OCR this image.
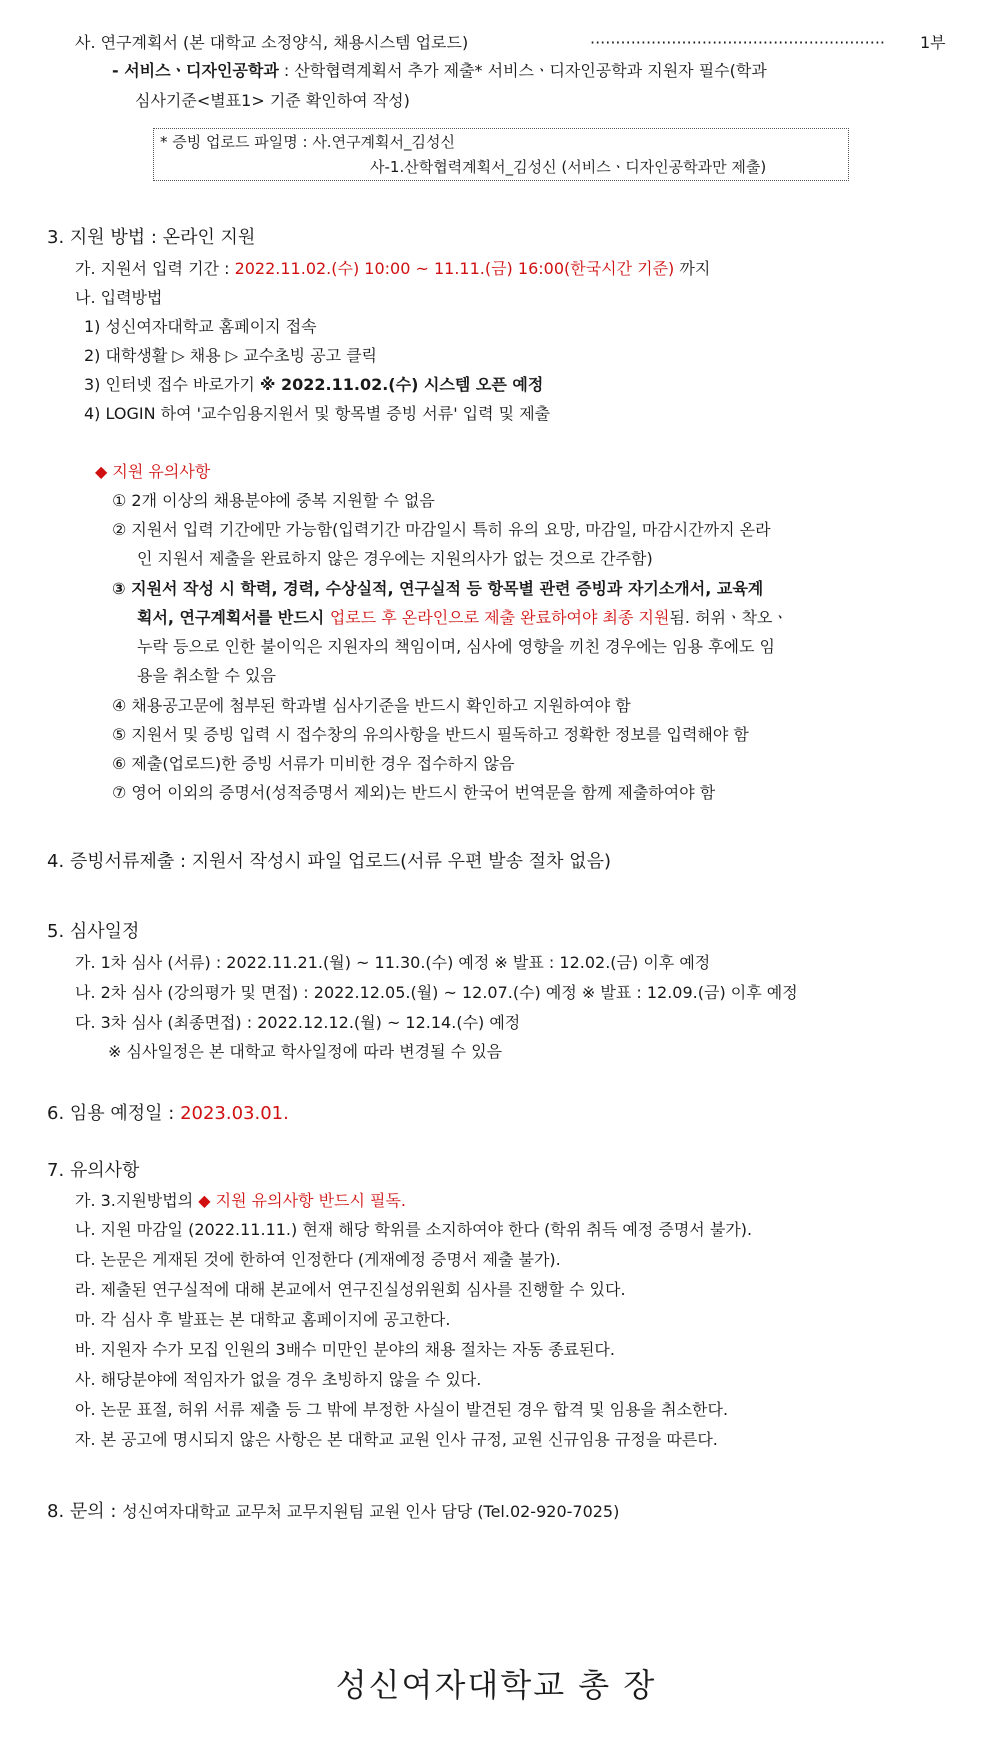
사. 연구계획서 (본 대학교 소정양식, 채용시스템 업로드)	··························································	1부
- 서비스ㆍ디자인공학과 : 산학협력계획서 추가 제출* 서비스ㆍ디자인공학과 지원자 필수(학과
심사기준<별표1> 기준 확인하여 작성)
* 증빙 업로드 파일명 : 사.연구계획서_김성신
사-1.산학협력계획서_김성신 (서비스ㆍ디자인공학과만 제출)
3. 지원 방법 : 온라인 지원
가. 지원서 입력 기간 : 2022.11.02.(수) 10:00 ~ 11.11.(금) 16:00(한국시간 기준) 까지
나. 입력방법
1) 성신여자대학교 홈페이지 접속
2) 대학생활 ▷ 채용 ▷ 교수초빙 공고 클릭
3) 인터넷 접수 바로가기 ※ 2022.11.02.(수) 시스템 오픈 예정
4) LOGIN 하여 '교수임용지원서 및 항목별 증빙 서류' 입력 및 제출
◆ 지원 유의사항
① 2개 이상의 채용분야에 중복 지원할 수 없음
② 지원서 입력 기간에만 가능함(입력기간 마감일시 특히 유의 요망, 마감일, 마감시간까지 온라
인 지원서 제출을 완료하지 않은 경우에는 지원의사가 없는 것으로 간주함)
③ 지원서 작성 시 학력, 경력, 수상실적, 연구실적 등 항목별 관련 증빙과 자기소개서, 교육계
획서, 연구계획서를 반드시 업로드 후 온라인으로 제출 완료하여야 최종 지원됨. 허위ㆍ착오ㆍ
누락 등으로 인한 불이익은 지원자의 책임이며, 심사에 영향을 끼친 경우에는 임용 후에도 임
용을 취소할 수 있음
④ 채용공고문에 첨부된 학과별 심사기준을 반드시 확인하고 지원하여야 함
⑤ 지원서 및 증빙 입력 시 접수창의 유의사항을 반드시 필독하고 정확한 정보를 입력해야 함
⑥ 제출(업로드)한 증빙 서류가 미비한 경우 접수하지 않음
⑦ 영어 이외의 증명서(성적증명서 제외)는 반드시 한국어 번역문을 함께 제출하여야 함
4. 증빙서류제출 : 지원서 작성시 파일 업로드(서류 우편 발송 절차 없음)
5. 심사일정
가. 1차 심사 (서류) : 2022.11.21.(월) ~ 11.30.(수) 예정 ※ 발표 : 12.02.(금) 이후 예정
나. 2차 심사 (강의평가 및 면접) : 2022.12.05.(월) ~ 12.07.(수) 예정 ※ 발표 : 12.09.(금) 이후 예정
다. 3차 심사 (최종면접) : 2022.12.12.(월) ~ 12.14.(수) 예정
※ 심사일정은 본 대학교 학사일정에 따라 변경될 수 있음
6. 임용 예정일 : 2023.03.01.
7. 유의사항
가. 3.지원방법의 ◆ 지원 유의사항 반드시 필독.
나. 지원 마감일 (2022.11.11.) 현재 해당 학위를 소지하여야 한다 (학위 취득 예정 증명서 불가).
다. 논문은 게재된 것에 한하여 인정한다 (게재예정 증명서 제출 불가).
라. 제출된 연구실적에 대해 본교에서 연구진실성위원회 심사를 진행할 수 있다.
마. 각 심사 후 발표는 본 대학교 홈페이지에 공고한다.
바. 지원자 수가 모집 인원의 3배수 미만인 분야의 채용 절차는 자동 종료된다.
사. 해당분야에 적임자가 없을 경우 초빙하지 않을 수 있다.
아. 논문 표절, 허위 서류 제출 등 그 밖에 부정한 사실이 발견된 경우 합격 및 임용을 취소한다.
자. 본 공고에 명시되지 않은 사항은 본 대학교 교원 인사 규정, 교원 신규임용 규정을 따른다.
8. 문의 : 성신여자대학교 교무처 교무지원팀 교원 인사 담당 (Tel.02-920-7025)
성신여자대학교 총 장
